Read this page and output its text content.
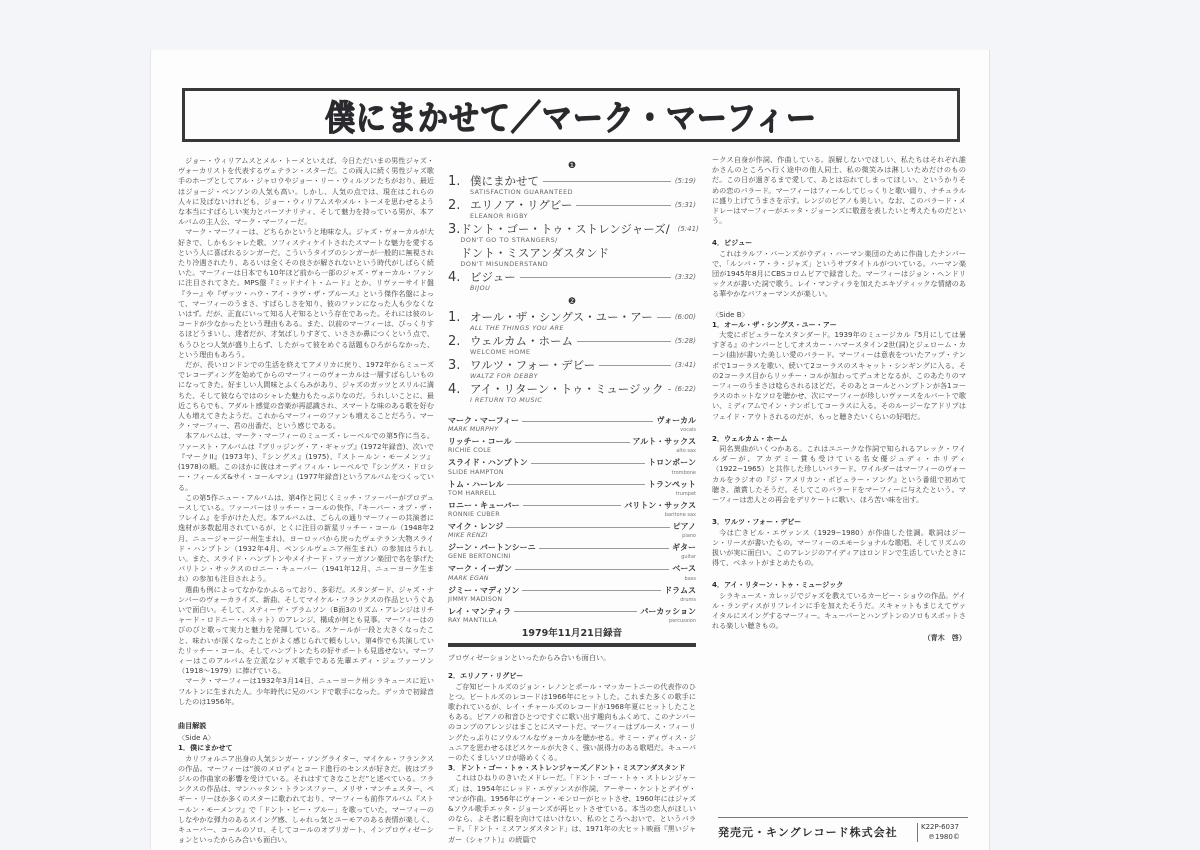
僕にまかせて／マーク・マーフィー

ジョー・ウィリアムスとメル・トーメといえば、今日ただいまの男性ジャズ・ヴォーカリストを代表するヴェテラン・スターだ。この両人に続く男性ジャズ歌手のホープとしてアル・ジャロウやジョー・リー・ウィルソンたちがおり、最近はジョージ・ベンソンの人気も高い。しかし、人気の点では、現在はこれらの人々に及ばないけれども、ジョー・ウィリアムスやメル・トーメを思わせるような本当にすばらしい実力とパーソナリティ、そして魅力を持っている男が、本アルバムの主人公、マーク・マーフィーだ。

マーク・マーフィーは、どちらかというと地味な人。ジャズ・ヴォーカルが大好きで、しかもシャレた歌、ソフィスティケイトされたスマートな魅力を愛するという人に喜ばれるシンガーだ。こういうタイプのシンガーが一般的に無視されたり冷遇されたり、あるいは全くその良さが解されないという時代がしばらく続いた。マーフィーは日本でも10年ほど前から一部のジャズ・ヴォーカル・ファンに注目されてきた。MPS盤『ミッドナイト・ムード』とか、リヴァーサイド盤『ラー』や『ザッツ・ハウ・アイ・ラヴ・ザ・ブルース』という傑作名盤によって、マーフィーのうまさ、すばらしさを知り、彼のファンになった人も少なくないはず。だが、正直にいって知る人ぞ知るという存在であった。それには彼のレコードが少なかったという理由もある。また、以前のマーフィーは、びっくりするほどうまいし、達者だが、才気ばしりすぎて、いささか鼻につくという点で、もうひとつ人気が盛り上らず、したがって彼をめぐる話題もひろがらなかった、という理由もあろう。

だが、長いロンドンでの生活を終えてアメリカに戻り、1972年からミューズでレコーディングを始めてからのマーフィーのヴォーカルは一層すばらしいものになってきた。好ましい人間味とふくらみがあり、ジャズのガッツとスリルに満ちた、そして彼ならではのシャレた魅力もたっぷりなのだ。うれしいことに、最近こちらでも、アダルト感覚の音楽が再認識され、スマートな味のある歌を好む人も増えてきたようだ。これからマーフィーのファンも増えることだろう。マーク・マーフィー、君の出番だ、という感じである。

本アルバムは、マーク・マーフィーのミューズ・レーベルでの第5作に当る。ファースト・アルバムは『ブリッジング・ア・ギャップ』(1972年録音)、次いで『マークII』(1973年)、『シングス』(1975)、『ストールン・モーメンツ』(1978)の順。このほかに彼はオーディフィル・レーベルで『シングス・ドロシー・フィールズ&サイ・コールマン』(1977年録音)というアルバムをつくっている。

この第5作ニュー・アルバムは、第4作と同じくミッチ・ファーバーがプロデュースしている。ファーバーはリッチー・コールの快作、『キーパー・オブ・ザ・フレイム』を手がけた人だ。本アルバムは、ごらんの通りマーフィーの共演者に逸材が多数起用されているが、とくに注目の新星リッチー・コール（1948年2月、ニュージャージー州生まれ)、ヨーロッパから戻ったヴェテラン大物スライド・ハンプトン（1932年4月、ペンシルヴェニア州生まれ）の参加はうれしい。また、スライド・ハンプトンやメイナード・ファーガソン楽団で名を挙げたバリトン・サックスのロニー・キューバー（1941年12月、ニューヨーク生まれ）の参加も注目されよう。

選曲も例によってなかなかふるっており、多彩だ。スタンダード、ジャズ・ナンバーのヴォーカライズ、新曲、そしてマイケル・フランクスの作品というぐあいで面白い。そして、スティーヴ・ブラムソン（B面3のリズム・アレンジはリチャード・ロドニー・ベネット）のアレンジ、構成が何とも見事。マーフィーはのびのびと歌って実力と魅力を発揮している。スケールが一段と大きくなったこと、味わいが深くなったことがよく感じられて頼もしい。第4作でも共演していたリッチー・コール、そしてハンプトンたちの好サポートも見逃せない。マーフィーはこのアルバムを立派なジャズ歌手である先輩エディ・ジェファーソン（1918〜1979）に捧げている。

マーク・マーフィーは1932年3月14日、ニューヨーク州シラキュースに近いフルトンに生まれた人。少年時代に兄のバンドで歌手になった。デッカで初録音したのは1956年。

曲目解説
〈Side A〉
1．僕にまかせて

カリフォルニア出身の人気シンガー・ソングライター、マイケル・フランクスの作品。マーフィーは“彼のメロディとコード進行のセンスが好きだ。彼はブラジルの作曲家の影響を受けている。それはすてきなことだ”と述べている。フランクスの作品は、マンハッタン・トランスファー、メリサ・マンチェスター、ペギー・リーほか多くのスターに歌われており、マーフィーも前作アルバム『ストールン・モーメンツ』で「ドント・ビー・ブルー」を歌っていた。マーフィーのしなやかな弾力のあるスイング感、しゃれっ気とユーモアのある表情が楽しく、キューバー、コールのソロ、そしてコールのオブリガート、インプロヴィゼーションといったからみ合いも面白い。

❶
1. 僕にまかせて	(5:19)
SATISFACTION GUARANTEED
2. エリノア・リグビー	(5:31)
ELEANOR RIGBY
3. ドント・ゴー・トゥ・ストレンジャーズ/ (5:41)
DON'T GO TO STRANGERS/
ドント・ミスアンダスタンド
DON'T MISUNDERSTAND
4. ビジュー	(3:32)
BIJOU
❷
1. オール・ザ・シングス・ユー・アー	(6:00)
ALL THE THINGS YOU ARE
2. ウェルカム・ホーム	(5:28)
WELCOME HOME
3. ワルツ・フォー・デビー	(3:41)
WALTZ FOR DEBBY
4. アイ・リターン・トゥ・ミュージック (6:22)
I RETURN TO MUSIC
マーク・マーフィー	ヴォーカル
MARK MURPHY	vocals
リッチー・コール	アルト・サックス
RICHIE COLE	alto sax
スライド・ハンプトン	トロンボーン
SLIDE HAMPTON	trombone
トム・ハーレル	トランペット
TOM HARRELL	trumpet
ロニー・キューバー	バリトン・サックス
RONNIE CUBER	baritone sax
マイク・レンジ	ピアノ
MIKE RENZI	piano
ジーン・バートンシーニ	ギター
GENE BERTONCINI	guitar
マーク・イーガン	ベース
MARK EGAN	bass
ジミー・マディソン	ドラムス
JIMMY MADISON	drums
レイ・マンティラ	パーカッション
RAY MANTILLA	percussion
1979年11月21日録音

プロヴィゼーションといったからみ合いも面白い。

2．エリノア・リグビー

ご存知ビートルズのジョン・レノンとポール・マッカートニーの代表作のひとつ。ビートルズのレコードは1966年にヒットした。これまた多くの歌手に歌われているが、レイ・チャールズのレコードが1968年夏にヒットしたこともある。ピアノの和音ひとつですぐに歌い出す趣向もふくめて、このナンバーのコンプのアレンジはまことにスマートだ。マーフィーはブルース・フィーリングたっぷりにソウルフルなヴォーカルを聴かせる。サミー・ディヴィス・ジュニアを思わせるほどスケールが大きく、強い説得力のある歌唱だ。キューバーのたくましいソロが絡めくくる。

3．ドント・ゴー・トゥ・ストレンジャーズ／ドント・ミスアンダスタンド

これはひねりのきいたメドレーだ。「ドント・ゴー・トゥ・ストレンジャーズ」は、1954年にレッド・エヴァンスが作詞、アーサー・ケントとデイヴ・マンが作曲。1956年にヴォーン・モンローがヒットさせ、1960年にはジャズ&ソウル歌手エッタ・ジョーンズが再ヒットさせている。本当の恋人がほしいのなら、よそ者に眼を向けてはいけない、私のところへおいで、というバラード。「ドント・ミスアンダスタンド」は、1971年の大ヒット映画『黒いジャガー（シャフト）』の続篇で

ークス自身が作詞、作曲している。誤解しないでほしい、私たちはそれぞれ誰かさんのところへ行く途中の他人同士、私の微笑みは淋しいためだけのものだ。この日が過ぎるまで愛して、あとは忘れてしまってほしい、というかりそめの恋のバラード。マーフィーはフィールしてじっくりと歌い綴り、ナチュラルに盛り上げてうまさを示す。レンジのピアノも美しい。なお、このバラード・メドレーはマーフィーがエッタ・ジョーンズに敬意を表したいと考えたものだという。

4．ビジュー

これはラルフ・バーンズがウディ・ハーマン楽団のために作曲したナンバーで、「ルンバ・ア・ラ・ジャズ」というサブタイトルがついている。ハーマン楽団が1945年8月にCBSコロムビアで録音した。マーフィーはジョン・ヘンドリックスが書いた詞で歌う。レイ・マンティラを加えたエキゾティックな情緒のある華やかなパフォーマンスが楽しい。

〈Side B〉
1．オール・ザ・シングス・ユー・アー

大変にポピュラーなスタンダード。1939年のミュージカル『5月にしては暑すぎる』のナンバーとしてオスカー・ハマースタイン2世(詞)とジェローム・カーン(曲)が書いた美しい愛のバラード。マーフィーは意表をついたアップ・テンポで1コーラスを歌い、続いて2コーラスのスキャット・シンギングに入る。その2コーラス目からリッチー・コルが加わってデュオとなるが、このあたりのマーフィーのうまさは唸らされるほどだ。そのあとコールとハンプトンが各1コーラスのホットなソロを聴かせ、次にマーフィーが珍しいヴァースをルバートで歌い、ミディアムでイン・テンポしてコーラスに入る。そのルージーなアドリブはフェイド・アウトされるのだが、もっと聴きたいくらいの好唱だ。

2．ウェルカム・ホーム

同名異曲がいくつかある。これはユニークな作詞で知られるアレック・ワイルダーが、アカデミー賞も受けている名女優ジュディ・ホリディ（1922−1965）と共作した珍しいバラード。ワイルダーはマーフィーのヴォーカルをラジオの『ジ・アメリカン・ポピュラー・ソング』という番組で初めて聴き、激賞したそうだ。そしてこのバラードをマーフィーに与えたという。マーフィーは恋人との再会をデリケートに歌い、ほろ苦い味を出す。

3．ワルツ・フォー・デビー

今は亡きビル・エヴァンス（1929−1980）が作曲した佳調。歌詞はジーン・リースが書いたもの。マーフィーのエモーショナルな歌唱、そしてリズムの扱いが実に面白い。このアレンジのアイディアはロンドンで生活していたときに得て、ベネットがまとめたもの。

4．アイ・リターン・トゥ・ミュージック

シラキュース・カレッジでジャズを教えているカービー・ショウの作品。ゲイル・ランディスがリフレインに手を加えたそうだ。スキャットもまじえてヴァイタルにスイングするマーフィー。キューバーとハンプトンのソロもスポットされる楽しい聴きもの。

（青木　啓）
発売元・キングレコード株式会社	K22P-6037
℗1980©
